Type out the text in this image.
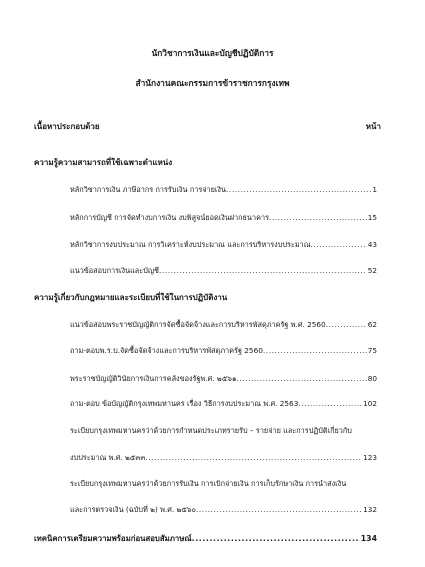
นักวิชาการเงินและบัญชีปฏิบัติการ
สำนักงานคณะกรรมการข้าราชการกรุงเทพ
เนื้อหาประกอบด้วย	หน้า
ความรู้ความสามารถที่ใช้เฉพาะตำแหน่ง
หลักวิชาการเงิน ภาษีอากร การรับเงิน การจ่ายเงิน .....	1
หลักการบัญชี การจัดทำงบการเงิน งบพิสูจน์ยอดเงินฝากธนาคาร .....	15
หลักวิชาการงบประมาณ การวิเคราะห์งบประมาณ และการบริหารงบประมาณ .....	43
แนวข้อสอบการเงินและบัญชี .....	52
ความรู้เกี่ยวกับกฎหมายและระเบียบที่ใช้ในการปฏิบัติงาน
แนวข้อสอบพระราชบัญญัติการจัดซื้อจัดจ้างและการบริหารพัสดุภาครัฐ พ.ศ. 2560 .....	62
ถาม-ตอบพ.ร.บ.จัดซื้อจัดจ้างและการบริหารพัสดุภาครัฐ 2560 .....	75
พระราชบัญญัติวินัยการเงินการคลังของรัฐพ.ศ. ๒๕๖๑ .....	80
ถาม-ตอบ ข้อบัญญัติกรุงเทพมหานคร เรื่อง วิธีการงบประมาณ พ.ศ. 2563 .....	102
ระเบียบกรุงเทพมหานครว่าด้วยการกำหนดประเภทรายรับ – รายจ่าย และการปฏิบัติเกี่ยวกับ
งบประมาณ พ.ศ. ๒๕๓๓ .....	123
ระเบียบกรุงเทพมหานครว่าด้วยการรับเงิน การเบิกจ่ายเงิน การเก็บรักษาเงิน การนำส่งเงิน
และการตรวจเงิน (ฉบับที่ ๒) พ.ศ. ๒๕๖๐ .....	132
เทคนิคการเตรียมความพร้อมก่อนสอบสัมภาษณ์ .....	134
